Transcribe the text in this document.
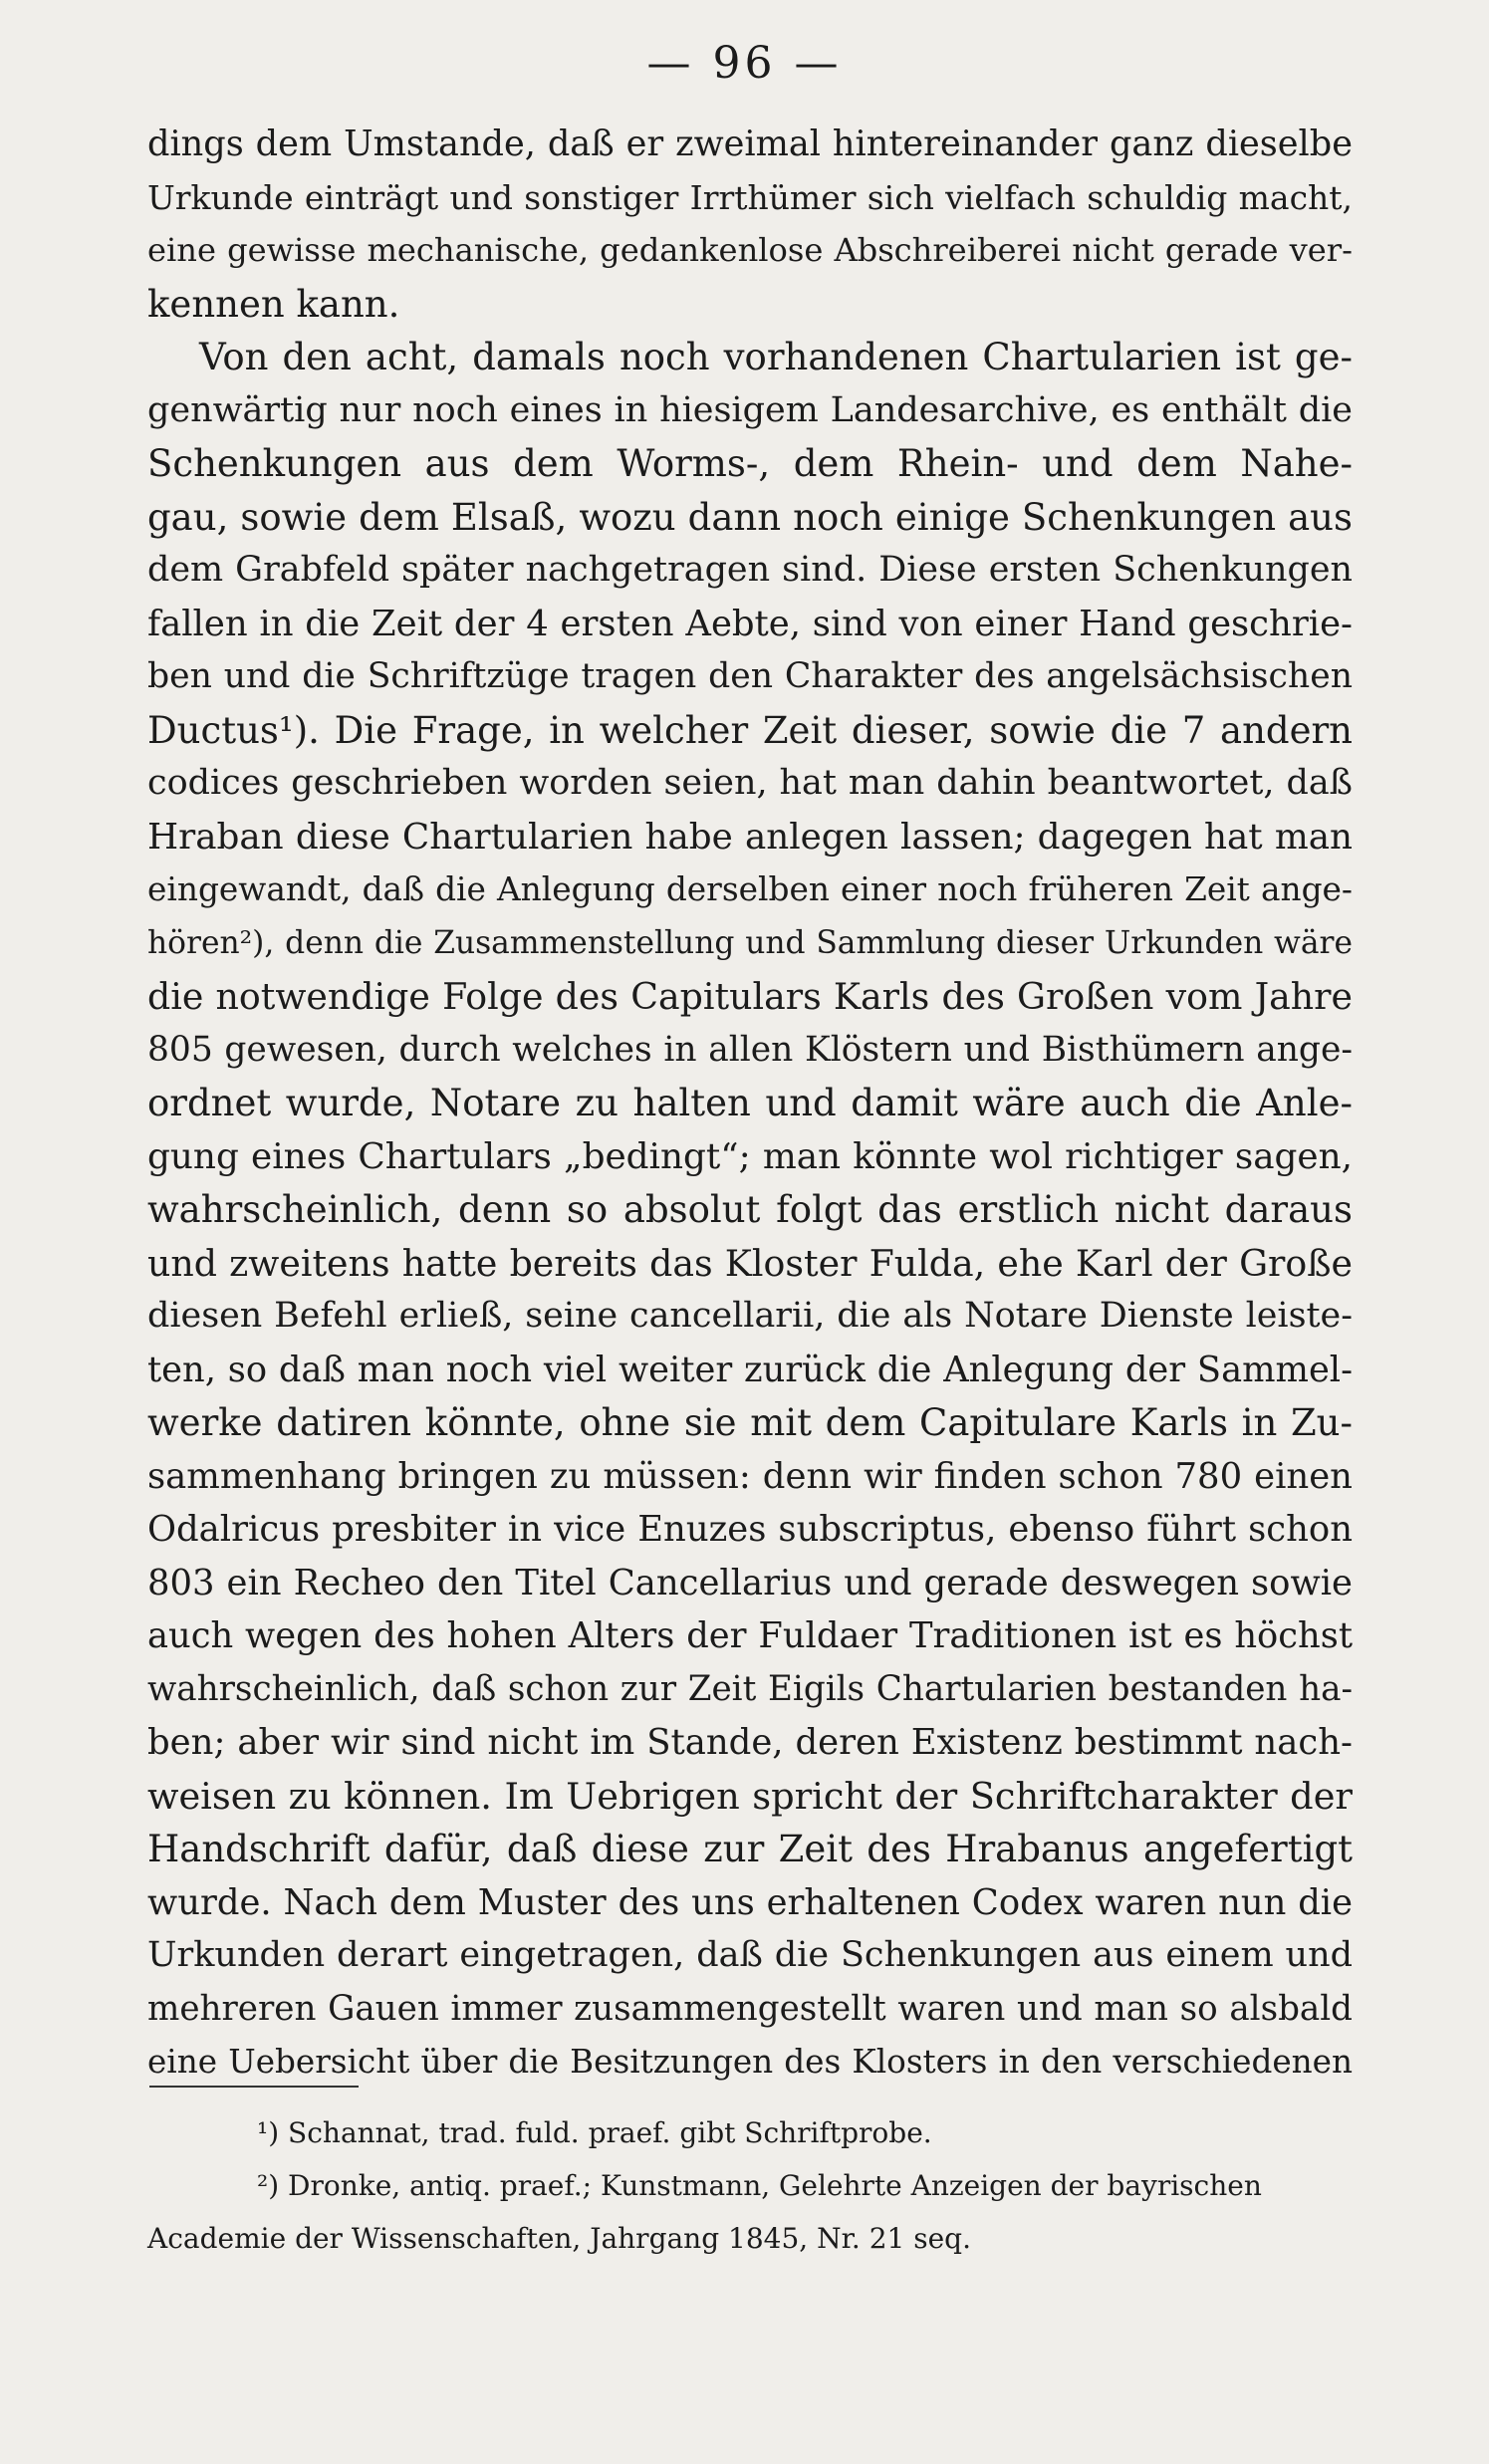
— 96 —
dings dem Umstande, daß er zweimal hintereinander ganz dieselbe
Urkunde einträgt und sonstiger Irrthümer sich vielfach schuldig macht,
eine gewisse mechanische, gedankenlose Abschreiberei nicht gerade ver-
kennen kann.
Von den acht, damals noch vorhandenen Chartularien ist ge-
genwärtig nur noch eines in hiesigem Landesarchive, es enthält die
Schenkungen aus dem Worms-, dem Rhein- und dem Nahe-
gau, sowie dem Elsaß, wozu dann noch einige Schenkungen aus
dem Grabfeld später nachgetragen sind. Diese ersten Schenkungen
fallen in die Zeit der 4 ersten Aebte, sind von einer Hand geschrie-
ben und die Schriftzüge tragen den Charakter des angelsächsischen
Ductus¹). Die Frage, in welcher Zeit dieser, sowie die 7 andern
codices geschrieben worden seien, hat man dahin beantwortet, daß
Hraban diese Chartularien habe anlegen lassen; dagegen hat man
eingewandt, daß die Anlegung derselben einer noch früheren Zeit ange-
hören²), denn die Zusammenstellung und Sammlung dieser Urkunden wäre
die notwendige Folge des Capitulars Karls des Großen vom Jahre
805 gewesen, durch welches in allen Klöstern und Bisthümern ange-
ordnet wurde, Notare zu halten und damit wäre auch die Anle-
gung eines Chartulars „bedingt“; man könnte wol richtiger sagen,
wahrscheinlich, denn so absolut folgt das erstlich nicht daraus
und zweitens hatte bereits das Kloster Fulda, ehe Karl der Große
diesen Befehl erließ, seine cancellarii, die als Notare Dienste leiste-
ten, so daß man noch viel weiter zurück die Anlegung der Sammel-
werke datiren könnte, ohne sie mit dem Capitulare Karls in Zu-
sammenhang bringen zu müssen: denn wir finden schon 780 einen
Odalricus presbiter in vice Enuzes subscriptus, ebenso führt schon
803 ein Recheo den Titel Cancellarius und gerade deswegen sowie
auch wegen des hohen Alters der Fuldaer Traditionen ist es höchst
wahrscheinlich, daß schon zur Zeit Eigils Chartularien bestanden ha-
ben; aber wir sind nicht im Stande, deren Existenz bestimmt nach-
weisen zu können. Im Uebrigen spricht der Schriftcharakter der
Handschrift dafür, daß diese zur Zeit des Hrabanus angefertigt
wurde. Nach dem Muster des uns erhaltenen Codex waren nun die
Urkunden derart eingetragen, daß die Schenkungen aus einem und
mehreren Gauen immer zusammengestellt waren und man so alsbald
eine Uebersicht über die Besitzungen des Klosters in den verschiedenen
¹) Schannat, trad. fuld. praef. gibt Schriftprobe.
²) Dronke, antiq. praef.; Kunstmann, Gelehrte Anzeigen der bayrischen
Academie der Wissenschaften, Jahrgang 1845, Nr. 21 seq.
